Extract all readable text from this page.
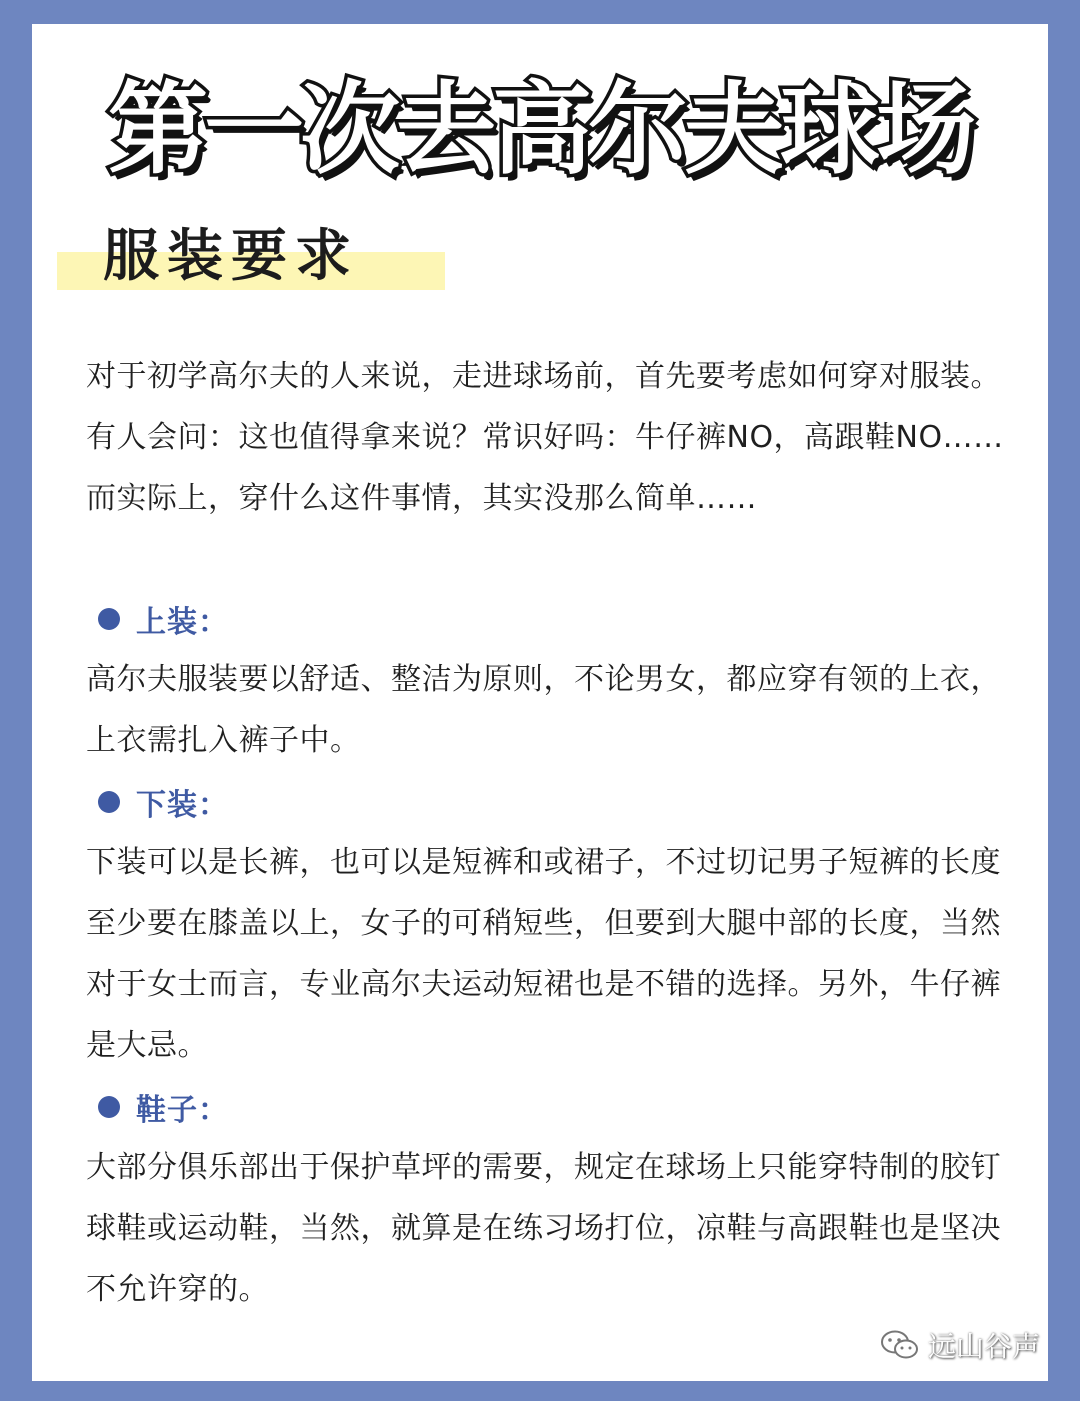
第一次去高尔夫球场
服装要求
对于初学高尔夫的人来说，走进球场前，首先要考虑如何穿对服装。有人会问：这也值得拿来说？常识好吗：牛仔裤NO，高跟鞋NO……而实际上，穿什么这件事情，其实没那么简单……
上装：
高尔夫服装要以舒适、整洁为原则，不论男女，都应穿有领的上衣，上衣需扎入裤子中。
下装：
下装可以是长裤，也可以是短裤和或裙子，不过切记男子短裤的长度至少要在膝盖以上，女子的可稍短些，但要到大腿中部的长度，当然对于女士而言，专业高尔夫运动短裙也是不错的选择。另外，牛仔裤是大忌。
鞋子：
大部分俱乐部出于保护草坪的需要，规定在球场上只能穿特制的胶钉球鞋或运动鞋，当然，就算是在练习场打位，凉鞋与高跟鞋也是坚决不允许穿的。
远山谷声
